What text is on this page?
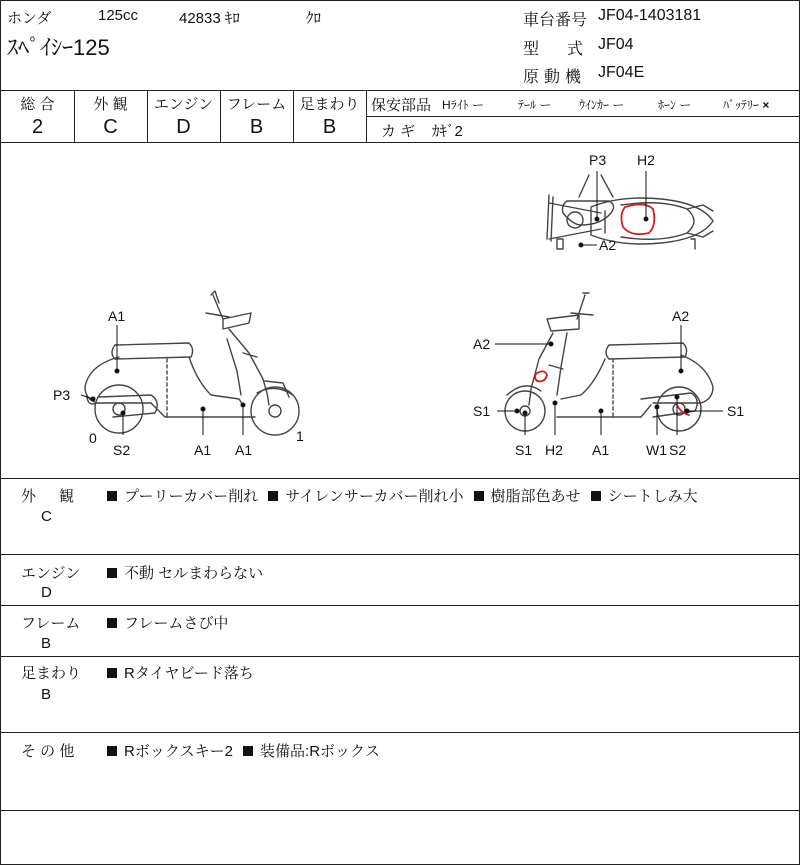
ホンダ	125cc	42833 ｷﾛ	ｸﾛ
ｽﾍﾟｲｼｰ125
車台番号 JF04-1403181
型　式 JF04
原動機 JF04E
総 合
2
外 観
C
エンジン
D
フレーム
B
足まわり
B
保安部品 Hﾗｲﾄ ー	ﾃｰﾙ ー ｳｲﾝｶｰ ー	ﾎｰﾝ ー	ﾊﾞｯﾃﾘｰ ×
カ ギ ｶｷﾞ2
P3 H2
A2
A1
P3
0
S2	A1 A1
1
A2
A2
S1
S1 H2 A1	W1 S2
S1
外　観
C
プーリーカバー削れ サイレンサーカバー削れ小 樹脂部色あせ シートしみ大
エンジン
D
不動 セルまわらない
フレーム
B
フレームさび中
足まわり
B
Rタイヤビード落ち
そ の 他	Rボックスキー2 装備品:Rボックス
